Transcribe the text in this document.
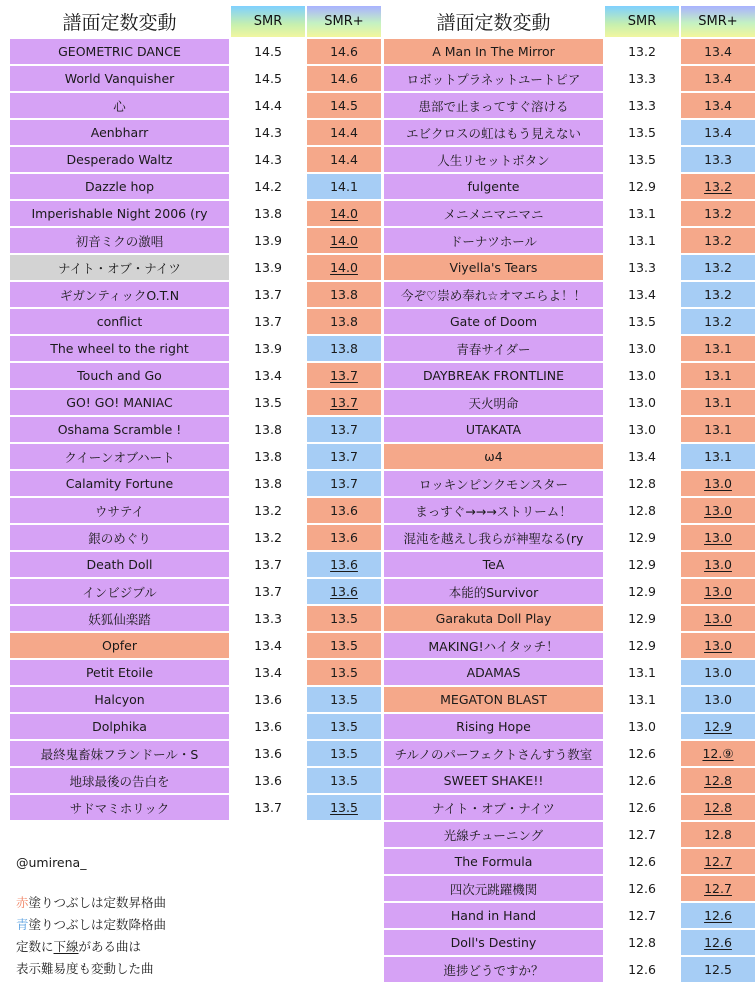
譜面定数変動	SMR	SMR+
GEOMETRIC DANCE	14.5	14.6
World Vanquisher	14.5	14.6
心	14.4	14.5
Aenbharr	14.3	14.4
Desperado Waltz	14.3	14.4
Dazzle hop	14.2	14.1
Imperishable Night 2006 (ry	13.8	14.0
初音ミクの激唱	13.9	14.0
ナイト・オブ・ナイツ	13.9	14.0
ギガンティックO.T.N	13.7	13.8
conflict	13.7	13.8
The wheel to the right	13.9	13.8
Touch and Go	13.4	13.7
GO! GO! MANIAC	13.5	13.7
Oshama Scramble !	13.8	13.7
クイーンオブハート	13.8	13.7
Calamity Fortune	13.8	13.7
ウサテイ	13.2	13.6
銀のめぐり	13.2	13.6
Death Doll	13.7	13.6
インビジブル	13.7	13.6
妖狐仙楽踏	13.3	13.5
Opfer	13.4	13.5
Petit Etoile	13.4	13.5
Halcyon	13.6	13.5
Dolphika	13.6	13.5
最終鬼畜妹フランドール・S	13.6	13.5
地球最後の告白を	13.6	13.5
サドマミホリック	13.7	13.5
譜面定数変動	SMR	SMR+
A Man In The Mirror	13.2	13.4
ロボットプラネットユートピア	13.3	13.4
患部で止まってすぐ溶ける	13.3	13.4
エビクロスの虹はもう見えない	13.5	13.4
人生リセットボタン	13.5	13.3
fulgente	12.9	13.2
メニメニマニマニ	13.1	13.2
ドーナツホール	13.1	13.2
Viyella's Tears	13.3	13.2
今ぞ♡崇め奉れ☆オマエらよ！！	13.4	13.2
Gate of Doom	13.5	13.2
青春サイダー	13.0	13.1
DAYBREAK FRONTLINE	13.0	13.1
天火明命	13.0	13.1
UTAKATA	13.0	13.1
ω4	13.4	13.1
ロッキンピンクモンスター	12.8	13.0
まっすぐ→→→ストリーム！	12.8	13.0
混沌を越えし我らが神聖なる(ry	12.9	13.0
TeA	12.9	13.0
本能的Survivor	12.9	13.0
Garakuta Doll Play	12.9	13.0
MAKING!ハイタッチ！	12.9	13.0
ADAMAS	13.1	13.0
MEGATON BLAST	13.1	13.0
Rising Hope	13.0	12.9
チルノのパーフェクトさんすう教室	12.6	12.⑨
SWEET SHAKE!!	12.6	12.8
ナイト・オブ・ナイツ	12.6	12.8
光線チューニング	12.7	12.8
The Formula	12.6	12.7
四次元跳躍機関	12.6	12.7
Hand in Hand	12.7	12.6
Doll's Destiny	12.8	12.6
進捗どうですか？	12.6	12.5
@umirena_
赤塗りつぶしは定数昇格曲
青塗りつぶしは定数降格曲
定数に下線がある曲は
表示難易度も変動した曲
